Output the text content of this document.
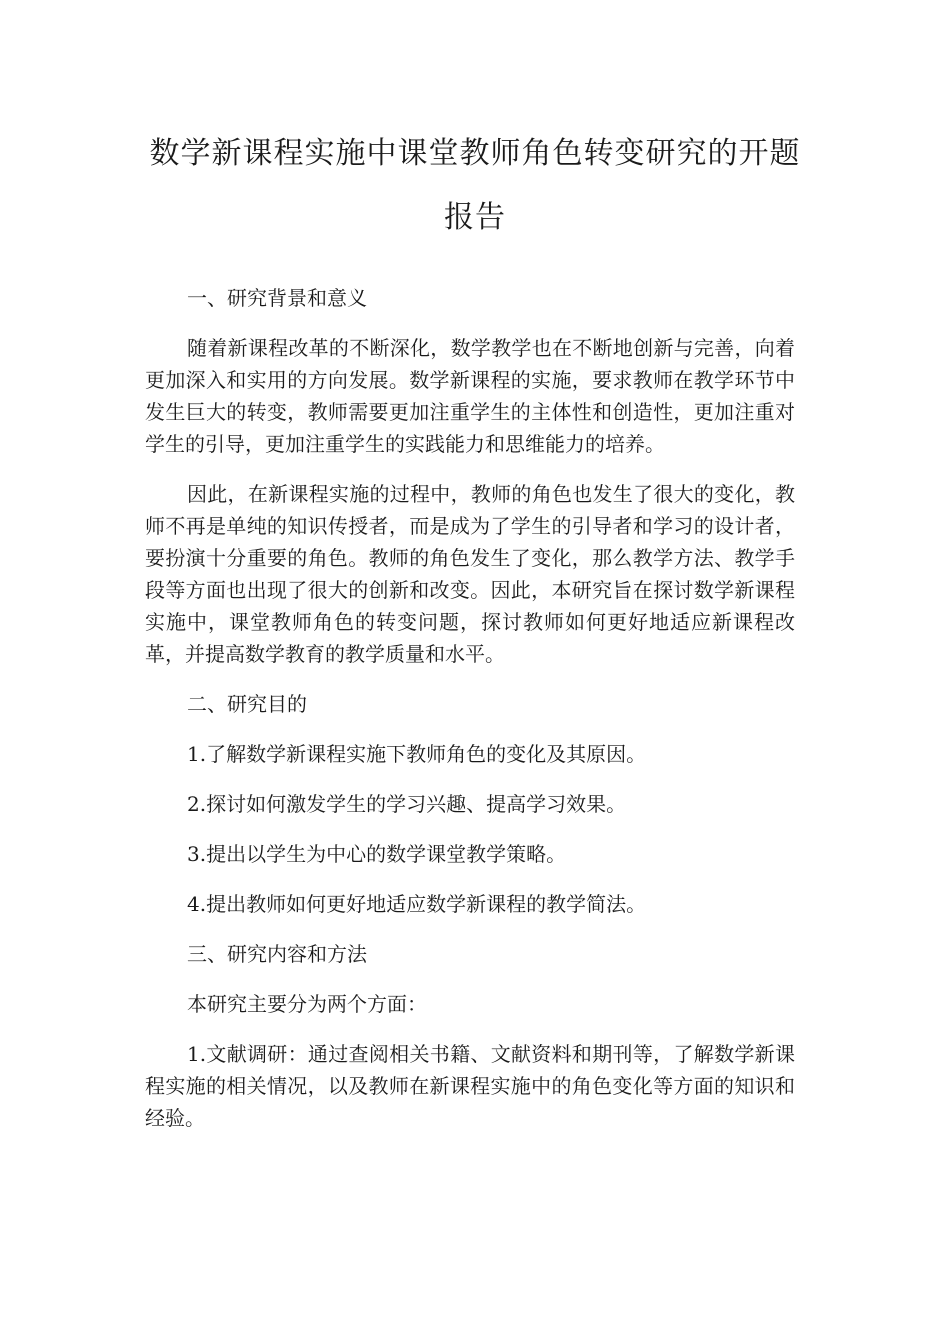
数学新课程实施中课堂教师角色转变研究的开题报告
一、研究背景和意义

随着新课程改革的不断深化，数学教学也在不断地创新与完善，向着更加深入和实用的方向发展。数学新课程的实施，要求教师在教学环节中发生巨大的转变，教师需要更加注重学生的主体性和创造性，更加注重对学生的引导，更加注重学生的实践能力和思维能力的培养。

因此，在新课程实施的过程中，教师的角色也发生了很大的变化，教师不再是单纯的知识传授者，而是成为了学生的引导者和学习的设计者，要扮演十分重要的角色。教师的角色发生了变化，那么教学方法、教学手段等方面也出现了很大的创新和改变。因此，本研究旨在探讨数学新课程实施中，课堂教师角色的转变问题，探讨教师如何更好地适应新课程改革，并提高数学教育的教学质量和水平。

二、研究目的

1.了解数学新课程实施下教师角色的变化及其原因。

2.探讨如何激发学生的学习兴趣、提高学习效果。

3.提出以学生为中心的数学课堂教学策略。

4.提出教师如何更好地适应数学新课程的教学简法。

三、研究内容和方法

本研究主要分为两个方面：

1.文献调研：通过查阅相关书籍、文献资料和期刊等，了解数学新课程实施的相关情况，以及教师在新课程实施中的角色变化等方面的知识和经验。
